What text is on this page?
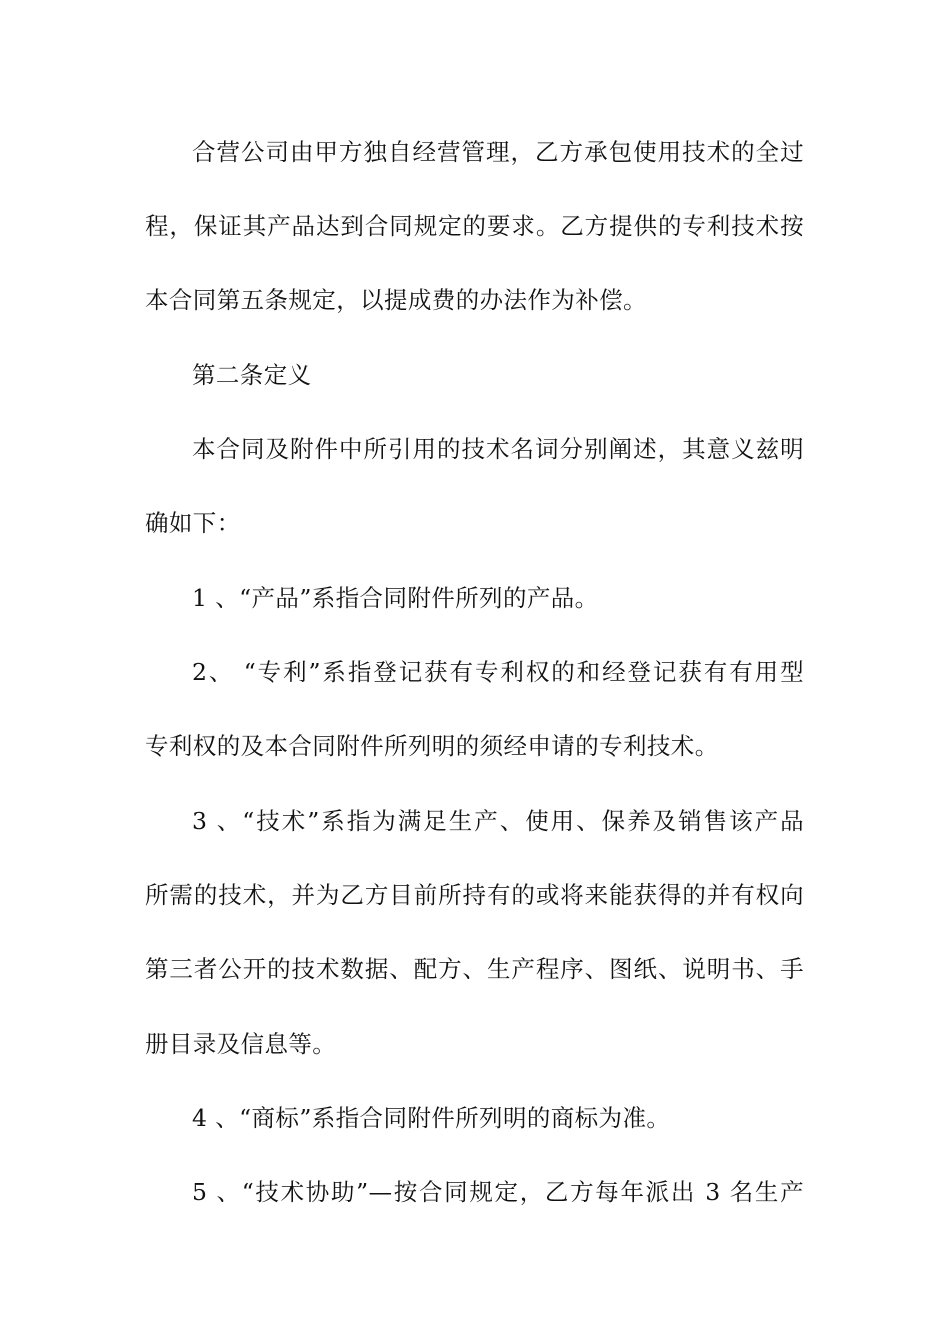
合营公司由甲方独自经营管理，乙方承包使用技术的全过
程，保证其产品达到合同规定的要求。乙方提供的专利技术按
本合同第五条规定，以提成费的办法作为补偿。
第二条定义
本合同及附件中所引用的技术名词分别阐述，其意义兹明
确如下：
1 、“产品”系指合同附件所列的产品。
2、 “专利”系指登记获有专利权的和经登记获有有用型
专利权的及本合同附件所列明的须经申请的专利技术。
3 、“技术”系指为满足生产、使用、保养及销售该产品
所需的技术，并为乙方目前所持有的或将来能获得的并有权向
第三者公开的技术数据、配方、生产程序、图纸、说明书、手
册目录及信息等。
4 、“商标”系指合同附件所列明的商标为准。
5 、“技术协助”—按合同规定，乙方每年派出 3 名生产
